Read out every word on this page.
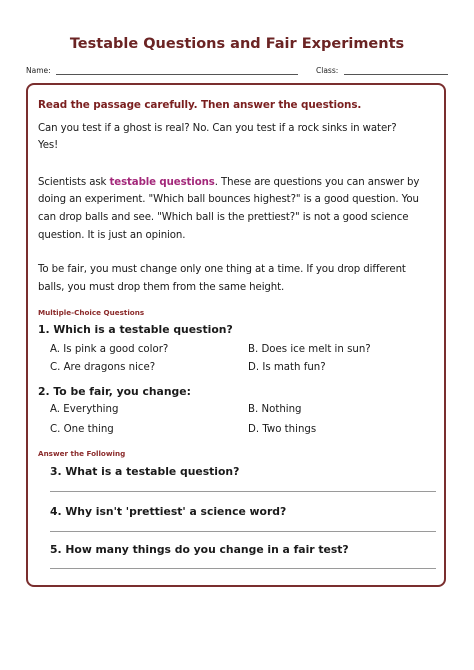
Testable Questions and Fair Experiments
Name:	Class:
Read the passage carefully. Then answer the questions.
Can you test if a ghost is real? No. Can you test if a rock sinks in water?
Yes!
Scientists ask testable questions. These are questions you can answer by
doing an experiment. "Which ball bounces highest?" is a good question. You
can drop balls and see. "Which ball is the prettiest?" is not a good science
question. It is just an opinion.
To be fair, you must change only one thing at a time. If you drop different
balls, you must drop them from the same height.
Multiple-Choice Questions
1. Which is a testable question?
A. Is pink a good color?	B. Does ice melt in sun?
C. Are dragons nice?	D. Is math fun?
2. To be fair, you change:
A. Everything	B. Nothing
C. One thing	D. Two things
Answer the Following
3. What is a testable question?
4. Why isn't 'prettiest' a science word?
5. How many things do you change in a fair test?
